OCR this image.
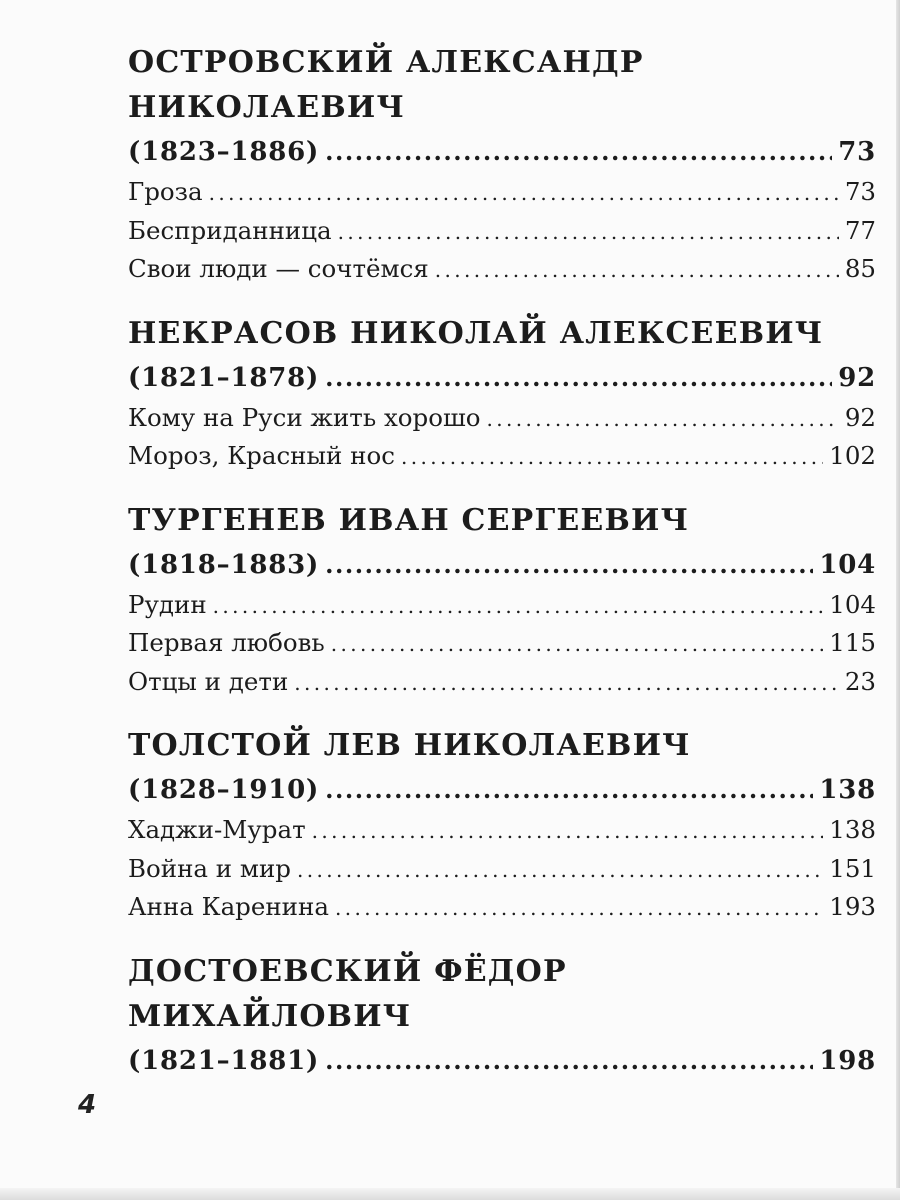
ОСТРОВСКИЙ АЛЕКСАНДР
НИКОЛАЕВИЧ
(1823–1886) .....	73
Гроза .....	73
Бесприданница .....	77
Свои люди — сочтёмся .....	85
НЕКРАСОВ НИКОЛАЙ АЛЕКСЕЕВИЧ
(1821–1878) .....	92
Кому на Руси жить хорошо .....	92
Мороз, Красный нос .....	102
ТУРГЕНЕВ ИВАН СЕРГЕЕВИЧ
(1818–1883) .....	104
Рудин .....	104
Первая любовь .....	115
Отцы и дети .....	23
ТОЛСТОЙ ЛЕВ НИКОЛАЕВИЧ
(1828–1910) .....	138
Хаджи-Мурат .....	138
Война и мир .....	151
Анна Каренина .....	193
ДОСТОЕВСКИЙ ФЁДОР
МИХАЙЛОВИЧ
(1821–1881) .....	198
4
